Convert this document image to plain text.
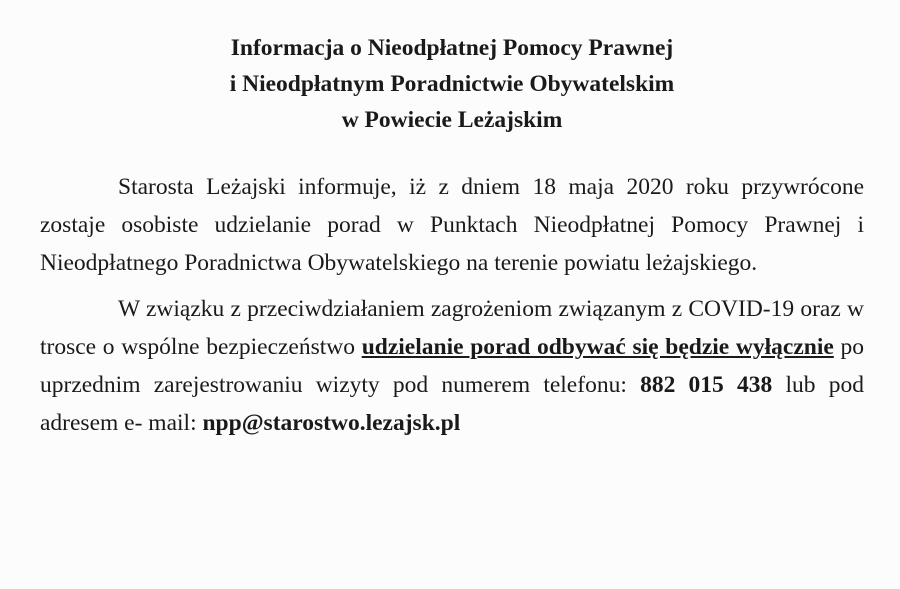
Informacja o Nieodpłatnej Pomocy Prawnej
i Nieodpłatnym Poradnictwie Obywatelskim
w Powiecie Leżajskim

Starosta Leżajski informuje, iż z dniem 18 maja 2020 roku przywrócone zostaje osobiste udzielanie porad w Punktach Nieodpłatnej Pomocy Prawnej i Nieodpłatnego Poradnictwa Obywatelskiego na terenie powiatu leżajskiego.

W związku z przeciwdziałaniem zagrożeniom związanym z COVID-19 oraz w trosce o wspólne bezpieczeństwo udzielanie porad odbywać się będzie wyłącznie po uprzednim zarejestrowaniu wizyty pod numerem telefonu: 882 015 438 lub pod adresem e- mail: npp@starostwo.lezajsk.pl
